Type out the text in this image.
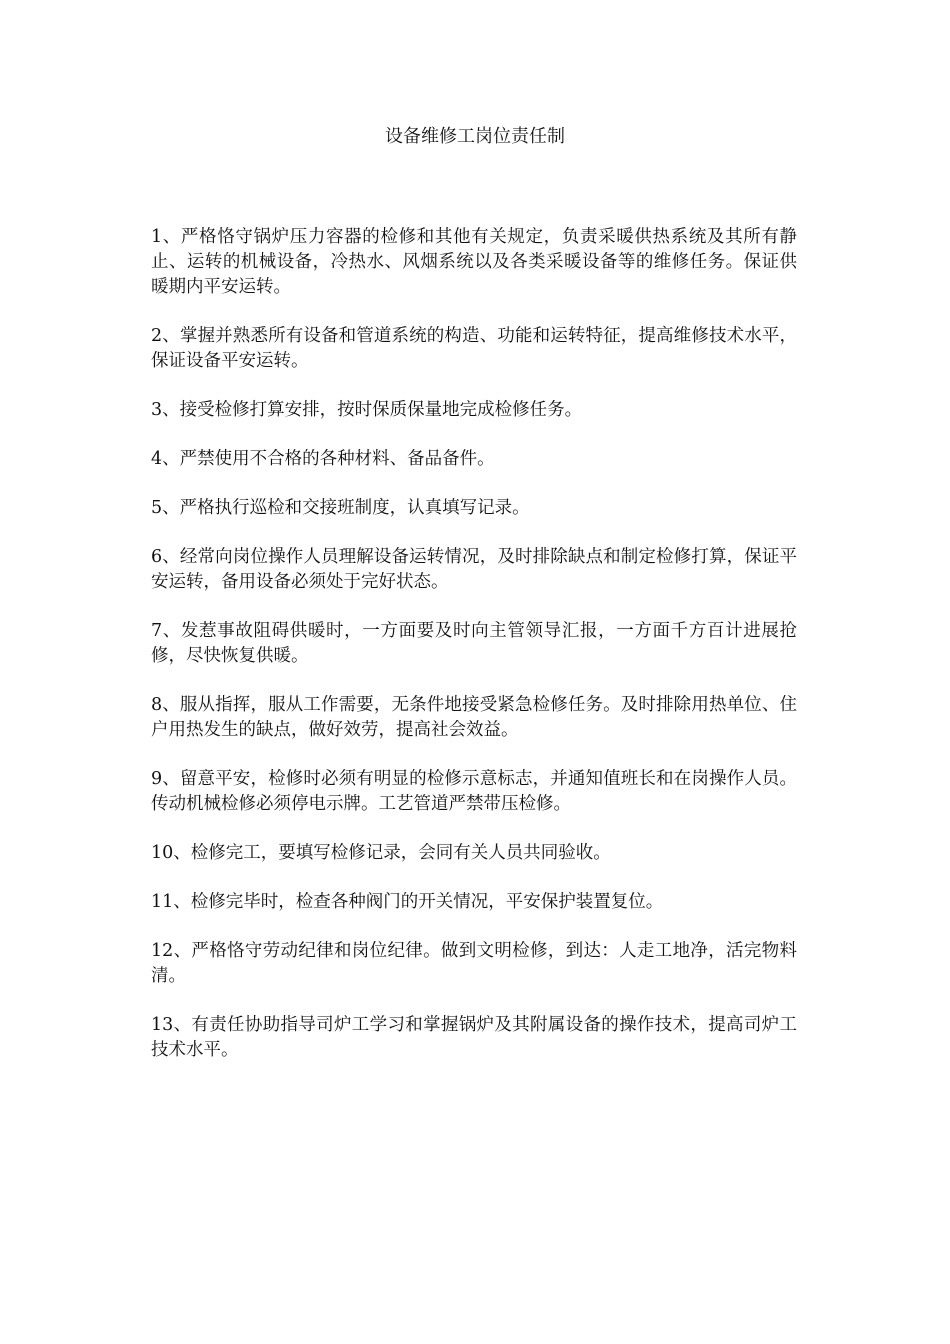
设备维修工岗位责任制
1、严格恪守锅炉压力容器的检修和其他有关规定，负责采暖供热系统及其所有静止、运转的机械设备，冷热水、风烟系统以及各类采暖设备等的维修任务。保证供暖期内平安运转。
2、掌握并熟悉所有设备和管道系统的构造、功能和运转特征，提高维修技术水平，保证设备平安运转。
3、接受检修打算安排，按时保质保量地完成检修任务。
4、严禁使用不合格的各种材料、备品备件。
5、严格执行巡检和交接班制度，认真填写记录。
6、经常向岗位操作人员理解设备运转情况，及时排除缺点和制定检修打算，保证平安运转，备用设备必须处于完好状态。
7、发惹事故阻碍供暖时，一方面要及时向主管领导汇报，一方面千方百计进展抢修，尽快恢复供暖。
8、服从指挥，服从工作需要，无条件地接受紧急检修任务。及时排除用热单位、住户用热发生的缺点，做好效劳，提高社会效益。
9、留意平安，检修时必须有明显的检修示意标志，并通知值班长和在岗操作人员。传动机械检修必须停电示牌。工艺管道严禁带压检修。
10、检修完工，要填写检修记录，会同有关人员共同验收。
11、检修完毕时，检查各种阀门的开关情况，平安保护装置复位。
12、严格恪守劳动纪律和岗位纪律。做到文明检修，到达：人走工地净，活完物料清。
13、有责任协助指导司炉工学习和掌握锅炉及其附属设备的操作技术，提高司炉工技术水平。
